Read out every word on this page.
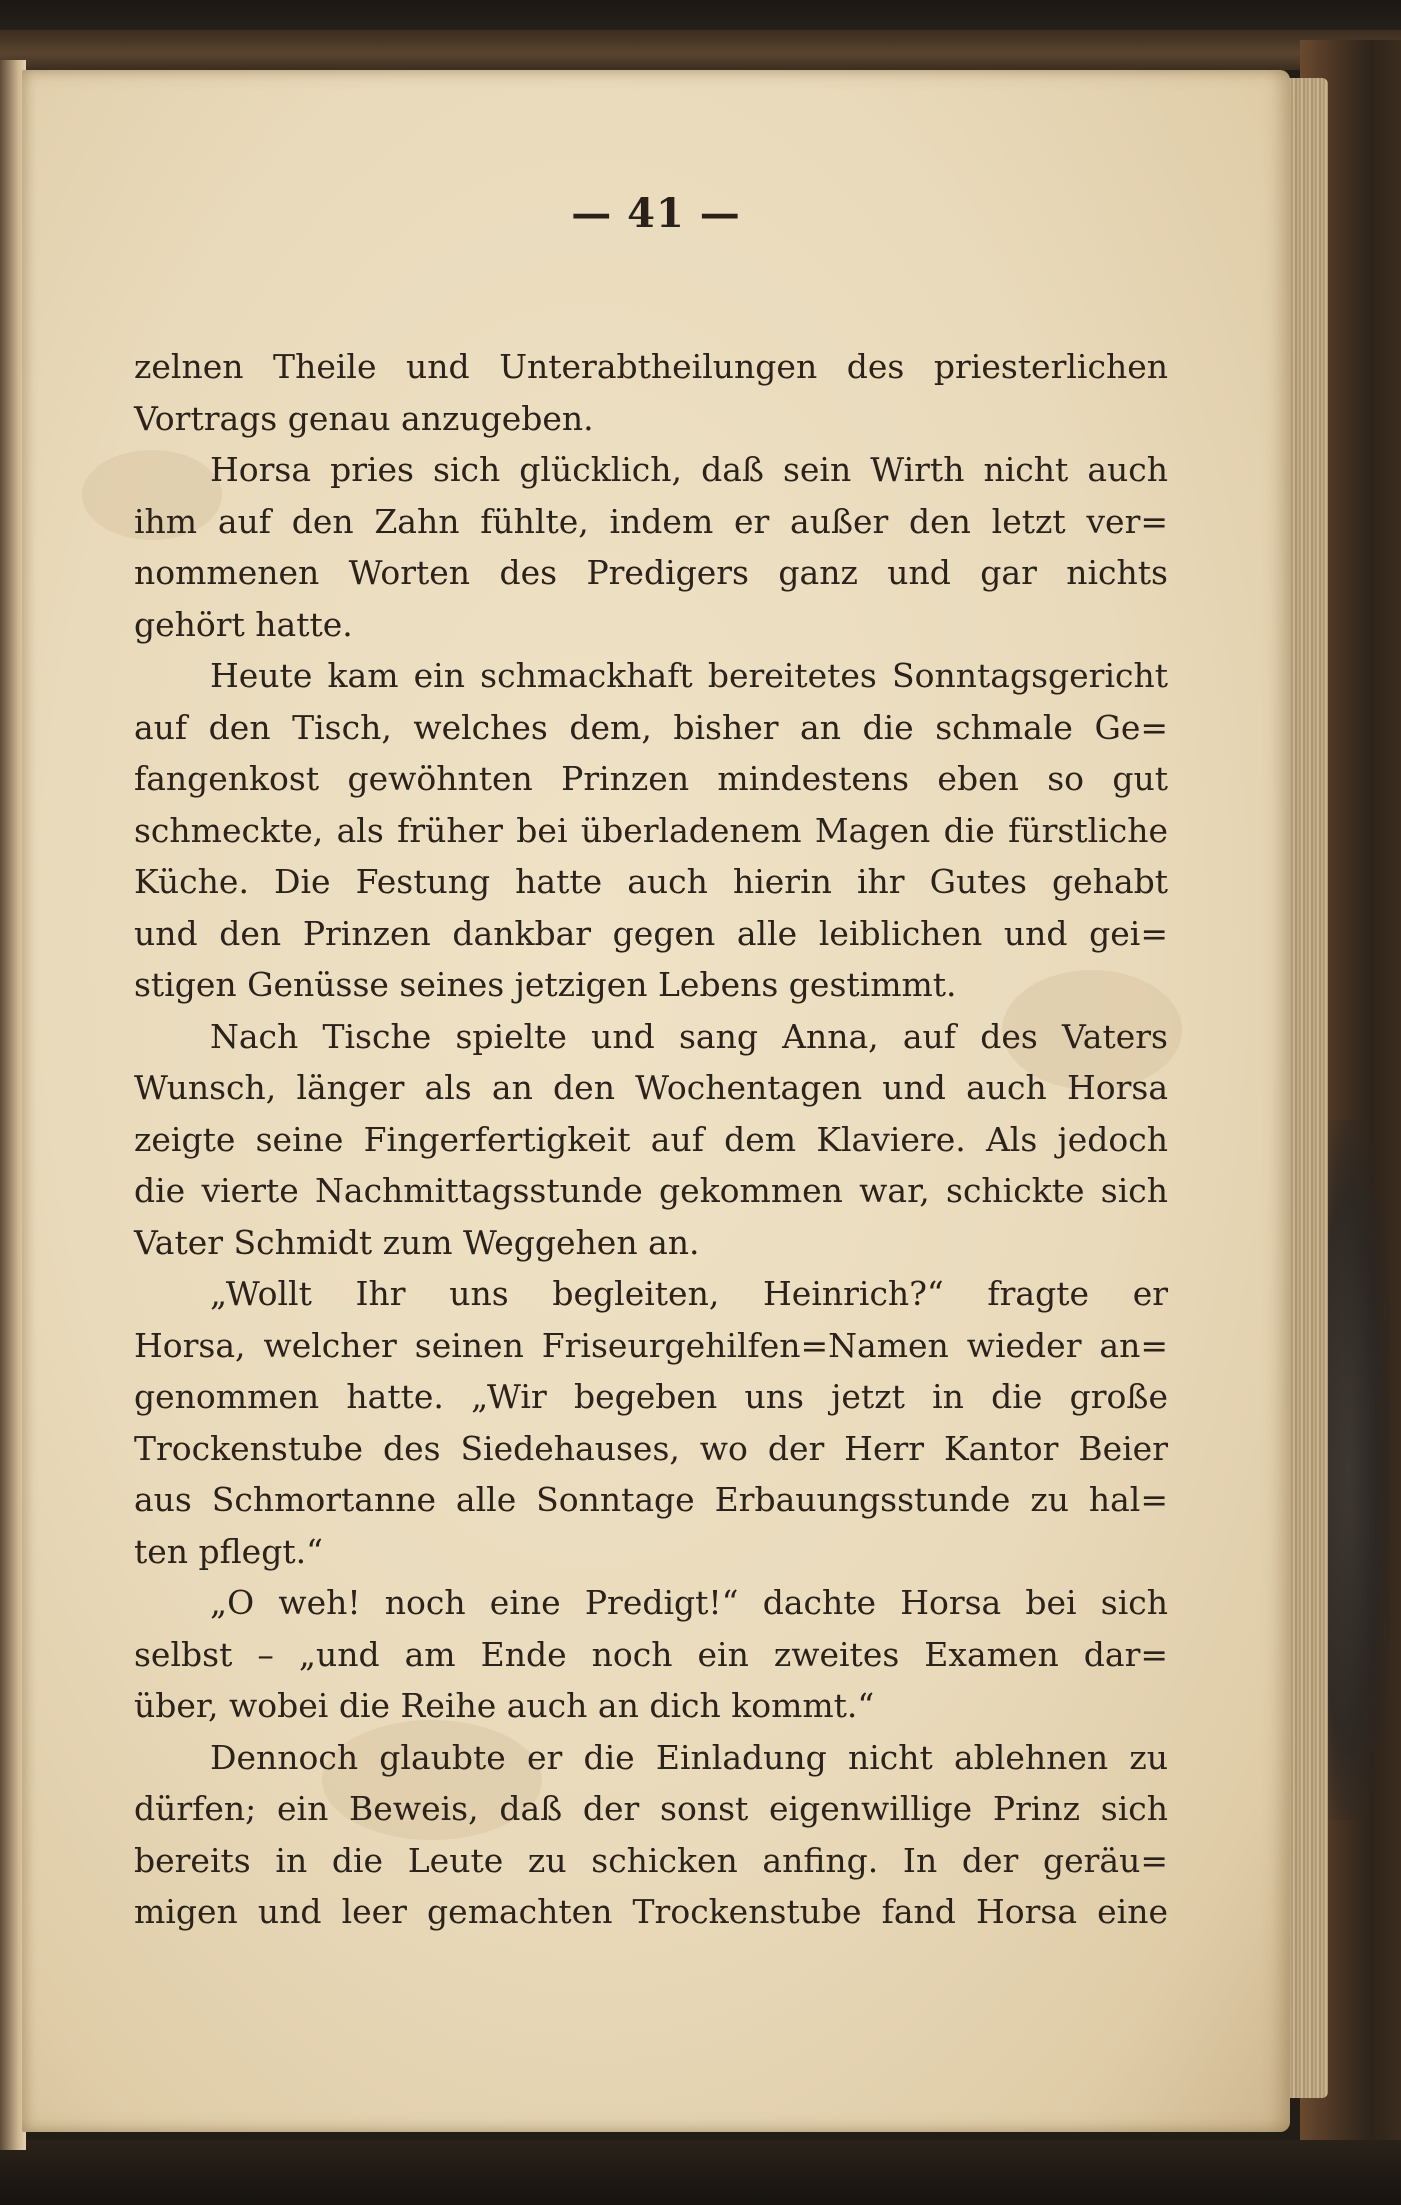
— 41 —
zelnen Theile und Unterabtheilungen des priesterlichen
Vortrags genau anzugeben.
Horsa pries sich glücklich, daß sein Wirth nicht auch
ihm auf den Zahn fühlte, indem er außer den letzt ver=
nommenen Worten des Predigers ganz und gar nichts
gehört hatte.
Heute kam ein schmackhaft bereitetes Sonntagsgericht
auf den Tisch, welches dem, bisher an die schmale Ge=
fangenkost gewöhnten Prinzen mindestens eben so gut
schmeckte, als früher bei überladenem Magen die fürstliche
Küche. Die Festung hatte auch hierin ihr Gutes gehabt
und den Prinzen dankbar gegen alle leiblichen und gei=
stigen Genüsse seines jetzigen Lebens gestimmt.
Nach Tische spielte und sang Anna, auf des Vaters
Wunsch, länger als an den Wochentagen und auch Horsa
zeigte seine Fingerfertigkeit auf dem Klaviere. Als jedoch
die vierte Nachmittagsstunde gekommen war, schickte sich
Vater Schmidt zum Weggehen an.
„Wollt Ihr uns begleiten, Heinrich?“ fragte er
Horsa, welcher seinen Friseurgehilfen=Namen wieder an=
genommen hatte. „Wir begeben uns jetzt in die große
Trockenstube des Siedehauses, wo der Herr Kantor Beier
aus Schmortanne alle Sonntage Erbauungsstunde zu hal=
ten pflegt.“
„O weh! noch eine Predigt!“ dachte Horsa bei sich
selbst – „und am Ende noch ein zweites Examen dar=
über, wobei die Reihe auch an dich kommt.“
Dennoch glaubte er die Einladung nicht ablehnen zu
dürfen; ein Beweis, daß der sonst eigenwillige Prinz sich
bereits in die Leute zu schicken anfing. In der geräu=
migen und leer gemachten Trockenstube fand Horsa eine
